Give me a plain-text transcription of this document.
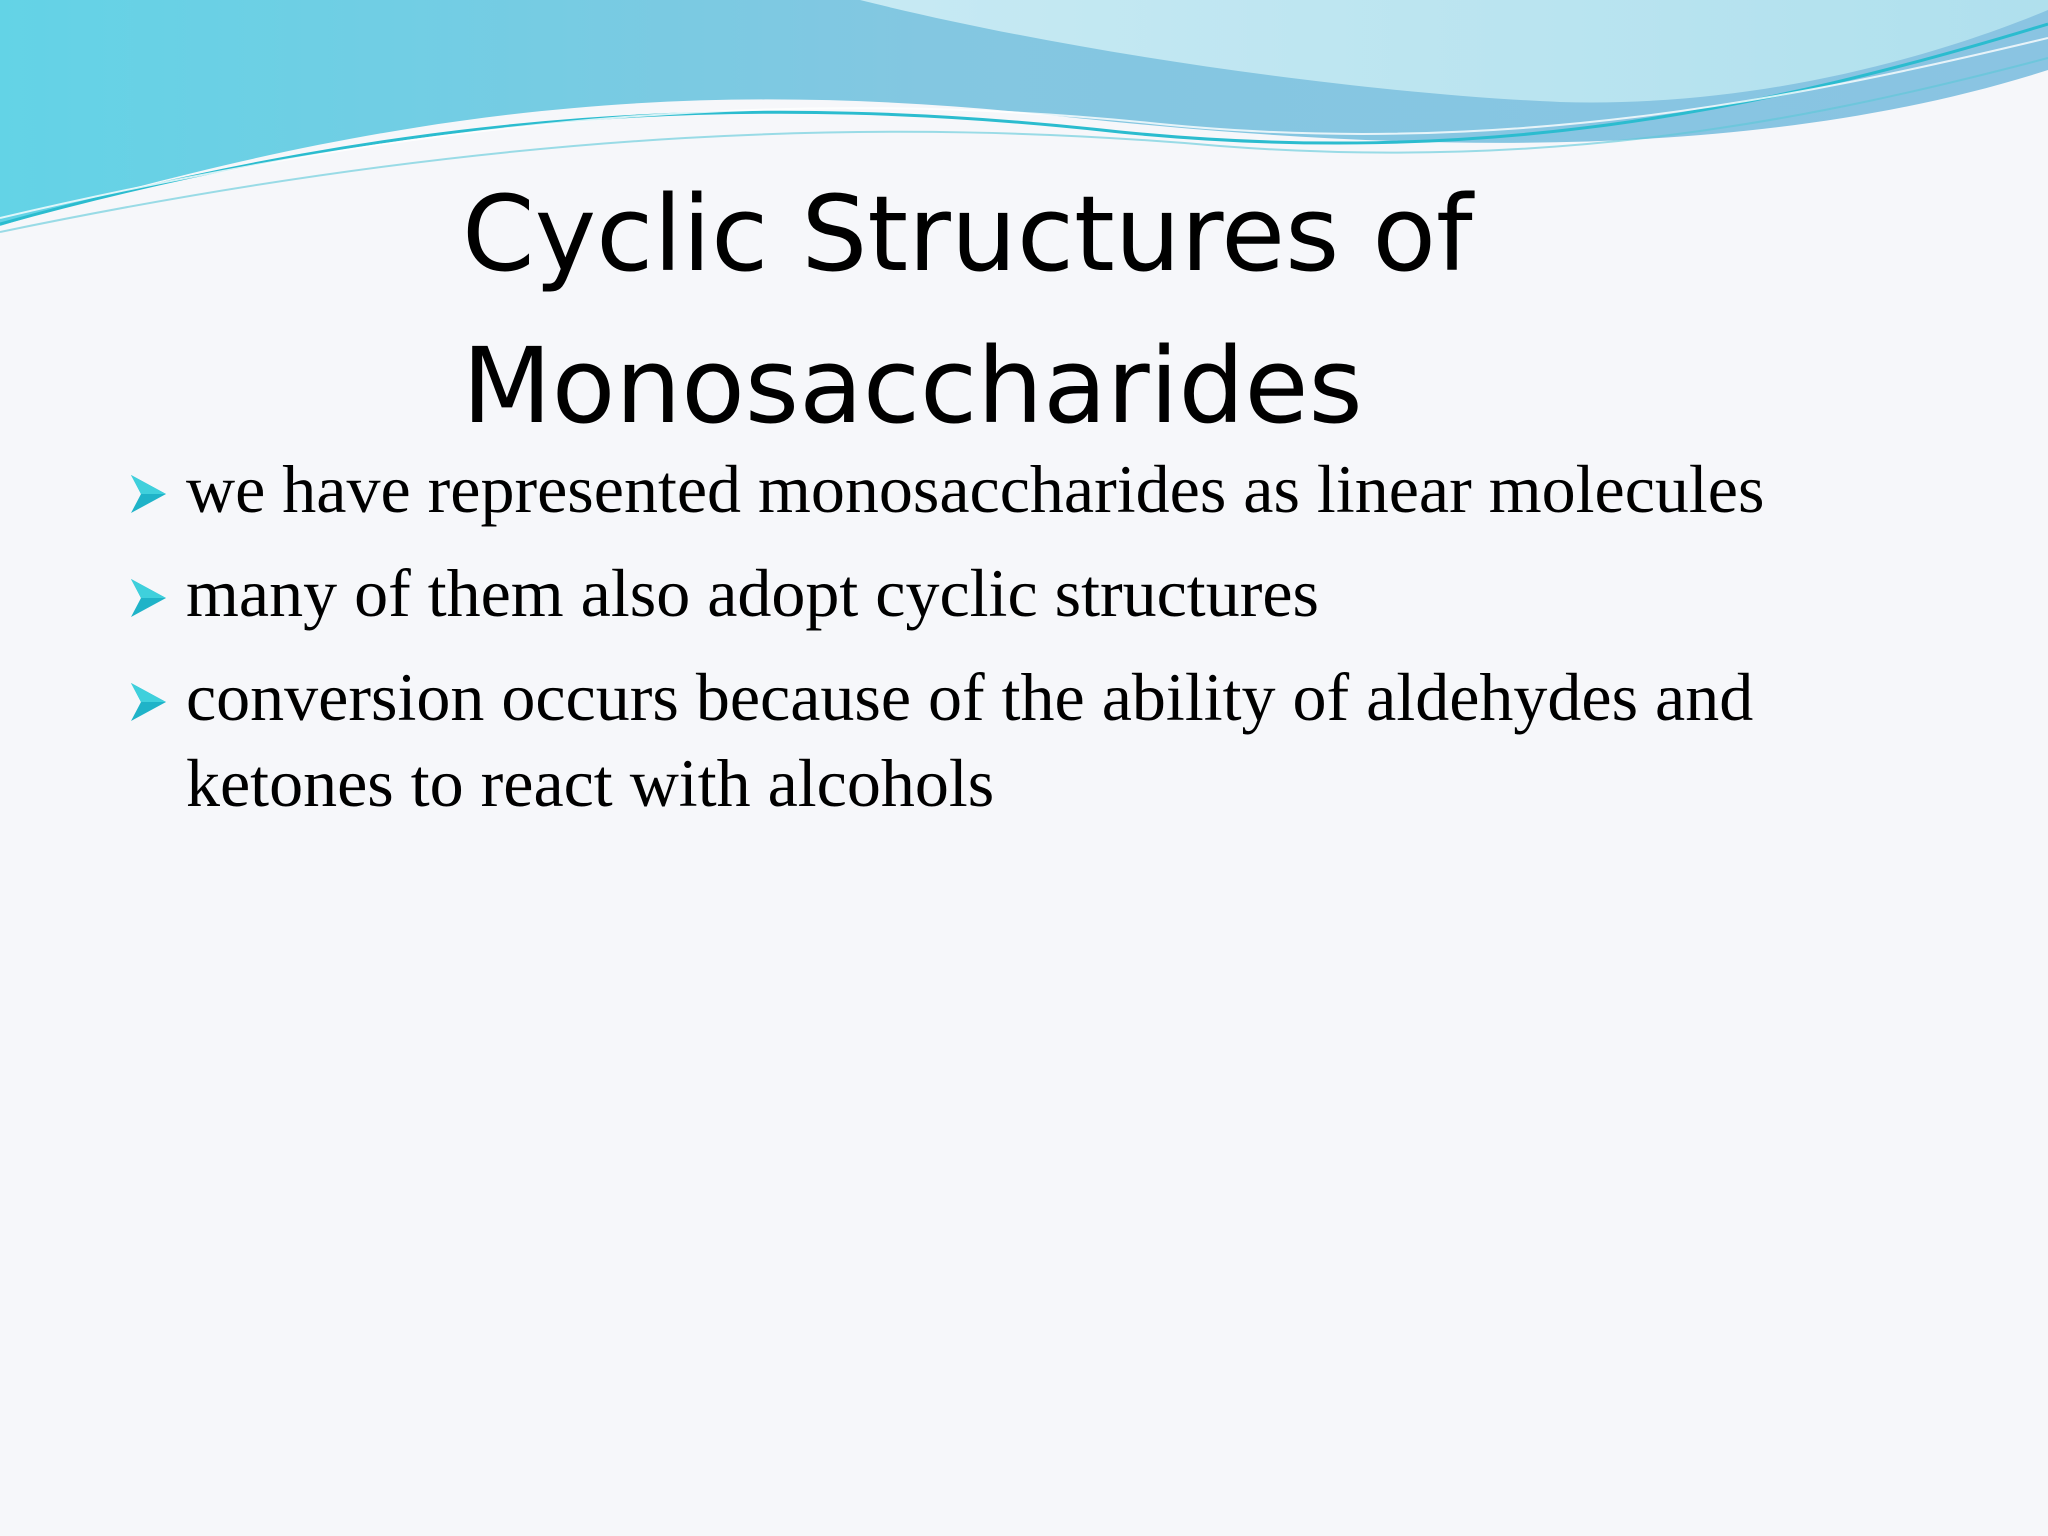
Cyclic Structures of
Monosaccharides
we have represented monosaccharides as linear molecules
many of them also adopt cyclic structures
conversion occurs because of the ability of aldehydes and ketones to react with alcohols
